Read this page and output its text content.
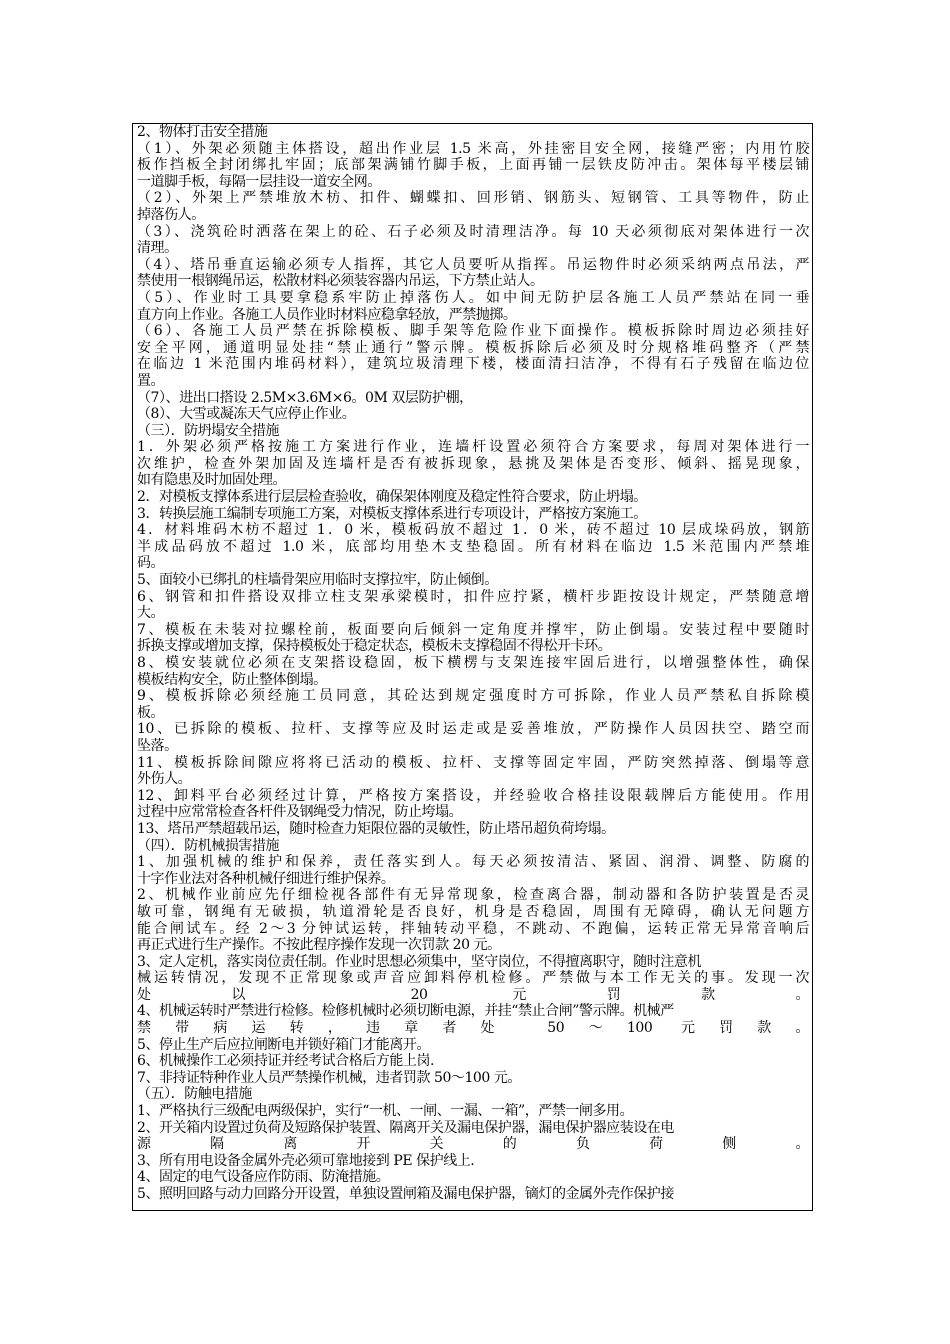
2、物体打击安全措施
（1）、外架必须随主体搭设，超出作业层 1.5 米高，外挂密目安全网，接缝严密；内用竹胶
板作挡板全封闭绑扎牢固；底部架满铺竹脚手板，上面再铺一层铁皮防冲击。架体每平楼层铺
一道脚手板，每隔一层挂设一道安全网。
（2）、外架上严禁堆放木枋、扣件、蝴蝶扣、回形销、钢筋头、短钢管、工具等物件，防止
掉落伤人。
（3）、浇筑砼时洒落在架上的砼、石子必须及时清理洁净。每 10 天必须彻底对架体进行一次
清理。
（4）、塔吊垂直运输必须专人指挥，其它人员要听从指挥。吊运物件时必须采纳两点吊法，严
禁使用一根钢绳吊运，松散材料必须装容器内吊运，下方禁止站人。
（5）、作业时工具要拿稳系牢防止掉落伤人。如中间无防护层各施工人员严禁站在同一垂
直方向上作业。各施工人员作业时材料应稳拿轻放，严禁抛掷。
（6）、各施工人员严禁在拆除模板、脚手架等危险作业下面操作。模板拆除时周边必须挂好
安全平网，通道明显处挂“禁止通行”警示牌。模板拆除后必须及时分规格堆码整齐（严禁
在临边 1 米范围内堆码材料），建筑垃圾清理下楼，楼面清扫洁净，不得有石子残留在临边位
置。
（7）、进出口搭设 2.5M×3.6M×6。0M 双层防护棚，
（8）、大雪或凝冻天气应停止作业。
（三）．防坍塌安全措施
1．外架必须严格按施工方案进行作业，连墙杆设置必须符合方案要求，每周对架体进行一
次维护，检查外架加固及连墙杆是否有被拆现象，悬挑及架体是否变形、倾斜、摇晃现象，
如有隐患及时加固处理。
2．对模板支撑体系进行层层检查验收，确保架体刚度及稳定性符合要求，防止坍塌。
3．转换层施工编制专项施工方案，对模板支撑体系进行专项设计，严格按方案施工。
4．材料堆码木枋不超过 1．0 米，模板码放不超过 1．0 米，砖不超过 10 层成垛码放，钢筋
半成品码放不超过 1.0 米，底部均用垫木支垫稳固。所有材料在临边 1.5 米范围内严禁堆
码。
5、面较小已绑扎的柱墙骨架应用临时支撑拉牢，防止倾倒。
6、钢管和扣件搭设双排立柱支架承梁模时，扣件应拧紧，横杆步距按设计规定，严禁随意增
大。
7、模板在未装对拉螺栓前，板面要向后倾斜一定角度并撑牢，防止倒塌。安装过程中要随时
拆换支撑或增加支撑，保持模板处于稳定状态，模板未支撑稳固不得松开卡环。
8、模安装就位必须在支架搭设稳固，板下横楞与支架连接牢固后进行，以增强整体性，确保
模板结构安全，防止整体倒塌。
9、模板拆除必须经施工员同意，其砼达到规定强度时方可拆除，作业人员严禁私自拆除模
板。
10、已拆除的模板、拉杆、支撑等应及时运走或是妥善堆放，严防操作人员因扶空、踏空而
坠落。
11、模板拆除间隙应将将已活动的模板、拉杆、支撑等固定牢固，严防突然掉落、倒塌等意
外伤人。
12、卸料平台必须经过计算，严格按方案搭设，并经验收合格挂设限载牌后方能使用。作用
过程中应常常检查各杆件及钢绳受力情况，防止垮塌。
13、塔吊严禁超载吊运，随时检查力矩限位器的灵敏性，防止塔吊超负荷垮塌。
（四）．防机械损害措施
1、加强机械的维护和保养，责任落实到人。每天必须按清洁、紧固、润滑、调整、防腐的
十字作业法对各种机械仔细进行维护保养。
2、机械作业前应先仔细检视各部件有无异常现象，检查离合器，制动器和各防护装置是否灵
敏可靠，钢绳有无破损，轨道滑轮是否良好，机身是否稳固，周围有无障碍，确认无问题方
能合闸试车。经 2～3 分钟试运转，拌轴转动平稳，不跳动、不跑偏，运转正常无异常音响后
再正式进行生产操作。不按此程序操作发现一次罚款 20 元。
3、定人定机，落实岗位责任制。作业时思想必须集中，坚守岗位，不得擅离职守，随时注意机
械运转情况，发现不正常现象或声音应卸料停机检修。严禁做与本工作无关的事。发现一次
处以 20 元罚款。
4、机械运转时严禁进行检修。检修机械时必须切断电源，并挂“禁止合闸”警示牌。机械严
禁带病运转，违章者处 50～100 元罚款。
5、停止生产后应拉闸断电并锁好箱门才能离开。
6、机械操作工必须持证并经考试合格后方能上岗.
7、非持证特种作业人员严禁操作机械，违者罚款 50～100 元。
（五）．防触电措施
1、严格执行三级配电两级保护，实行“一机、一闸、一漏、一箱”，严禁一闸多用。
2、开关箱内设置过负荷及短路保护装置、隔离开关及漏电保护器，漏电保护器应装设在电
源隔离开关的负荷侧。
3、所有用电设备金属外壳必须可靠地接到 PE 保护线上.
4、固定的电气设备应作防雨、防淹措施。
5、照明回路与动力回路分开设置，单独设置闸箱及漏电保护器，镝灯的金属外壳作保护接
